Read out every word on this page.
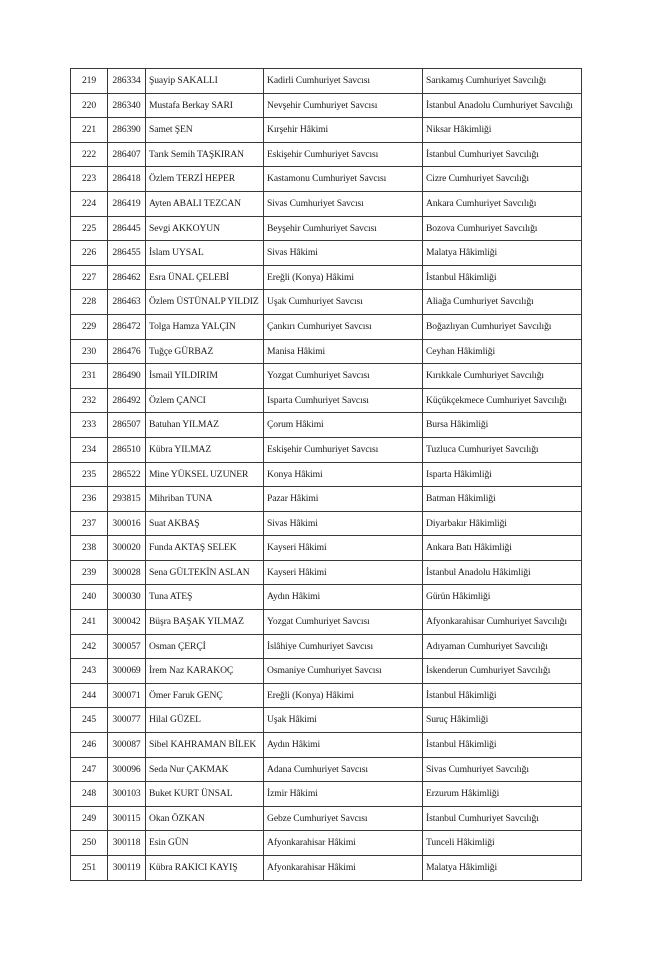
219	286334	Şuayip SAKALLI	Kadirli Cumhuriyet Savcısı	Sarıkamış Cumhuriyet Savcılığı
220	286340	Mustafa Berkay SARI	Nevşehir Cumhuriyet Savcısı	İstanbul Anadolu Cumhuriyet Savcılığı
221	286390	Samet ŞEN	Kırşehir Hâkimi	Niksar Hâkimliği
222	286407	Tarık Semih TAŞKIRAN	Eskişehir Cumhuriyet Savcısı	İstanbul Cumhuriyet Savcılığı
223	286418	Özlem TERZİ HEPER	Kastamonu Cumhuriyet Savcısı	Cizre Cumhuriyet Savcılığı
224	286419	Ayten ABALI TEZCAN	Sivas Cumhuriyet Savcısı	Ankara Cumhuriyet Savcılığı
225	286445	Sevgi AKKOYUN	Beyşehir Cumhuriyet Savcısı	Bozova Cumhuriyet Savcılığı
226	286455	İslam UYSAL	Sivas Hâkimi	Malatya Hâkimliği
227	286462	Esra ÜNAL ÇELEBİ	Ereğli (Konya) Hâkimi	İstanbul Hâkimliği
228	286463	Özlem ÜSTÜNALP YILDIZ	Uşak Cumhuriyet Savcısı	Aliağa Cumhuriyet Savcılığı
229	286472	Tolga Hamza YALÇIN	Çankırı Cumhuriyet Savcısı	Boğazlıyan Cumhuriyet Savcılığı
230	286476	Tuğçe GÜRBAZ	Manisa Hâkimi	Ceyhan Hâkimliği
231	286490	İsmail YILDIRIM	Yozgat Cumhuriyet Savcısı	Kırıkkale Cumhuriyet Savcılığı
232	286492	Özlem ÇANCI	Isparta Cumhuriyet Savcısı	Küçükçekmece Cumhuriyet Savcılığı
233	286507	Batuhan YILMAZ	Çorum Hâkimi	Bursa Hâkimliği
234	286510	Kübra YILMAZ	Eskişehir Cumhuriyet Savcısı	Tuzluca Cumhuriyet Savcılığı
235	286522	Mine YÜKSEL UZUNER	Konya Hâkimi	Isparta Hâkimliği
236	293815	Mihriban TUNA	Pazar Hâkimi	Batman Hâkimliği
237	300016	Suat AKBAŞ	Sivas Hâkimi	Diyarbakır Hâkimliği
238	300020	Funda AKTAŞ SELEK	Kayseri Hâkimi	Ankara Batı Hâkimliği
239	300028	Sena GÜLTEKİN ASLAN	Kayseri Hâkimi	İstanbul Anadolu Hâkimliği
240	300030	Tuna ATEŞ	Aydın Hâkimi	Gürün Hâkimliği
241	300042	Büşra BAŞAK YILMAZ	Yozgat Cumhuriyet Savcısı	Afyonkarahisar Cumhuriyet Savcılığı
242	300057	Osman ÇERÇİ	İslâhiye Cumhuriyet Savcısı	Adıyaman Cumhuriyet Savcılığı
243	300069	İrem Naz KARAKOÇ	Osmaniye Cumhuriyet Savcısı	İskenderun Cumhuriyet Savcılığı
244	300071	Ömer Faruk GENÇ	Ereğli (Konya) Hâkimi	İstanbul Hâkimliği
245	300077	Hilal GÜZEL	Uşak Hâkimi	Suruç Hâkimliği
246	300087	Sibel KAHRAMAN BİLEK	Aydın Hâkimi	İstanbul Hâkimliği
247	300096	Seda Nur ÇAKMAK	Adana Cumhuriyet Savcısı	Sivas Cumhuriyet Savcılığı
248	300103	Buket KURT ÜNSAL	İzmir Hâkimi	Erzurum Hâkimliği
249	300115	Okan ÖZKAN	Gebze Cumhuriyet Savcısı	İstanbul Cumhuriyet Savcılığı
250	300118	Esin GÜN	Afyonkarahisar Hâkimi	Tunceli Hâkimliği
251	300119	Kübra RAKICI KAYIŞ	Afyonkarahisar Hâkimi	Malatya Hâkimliği
